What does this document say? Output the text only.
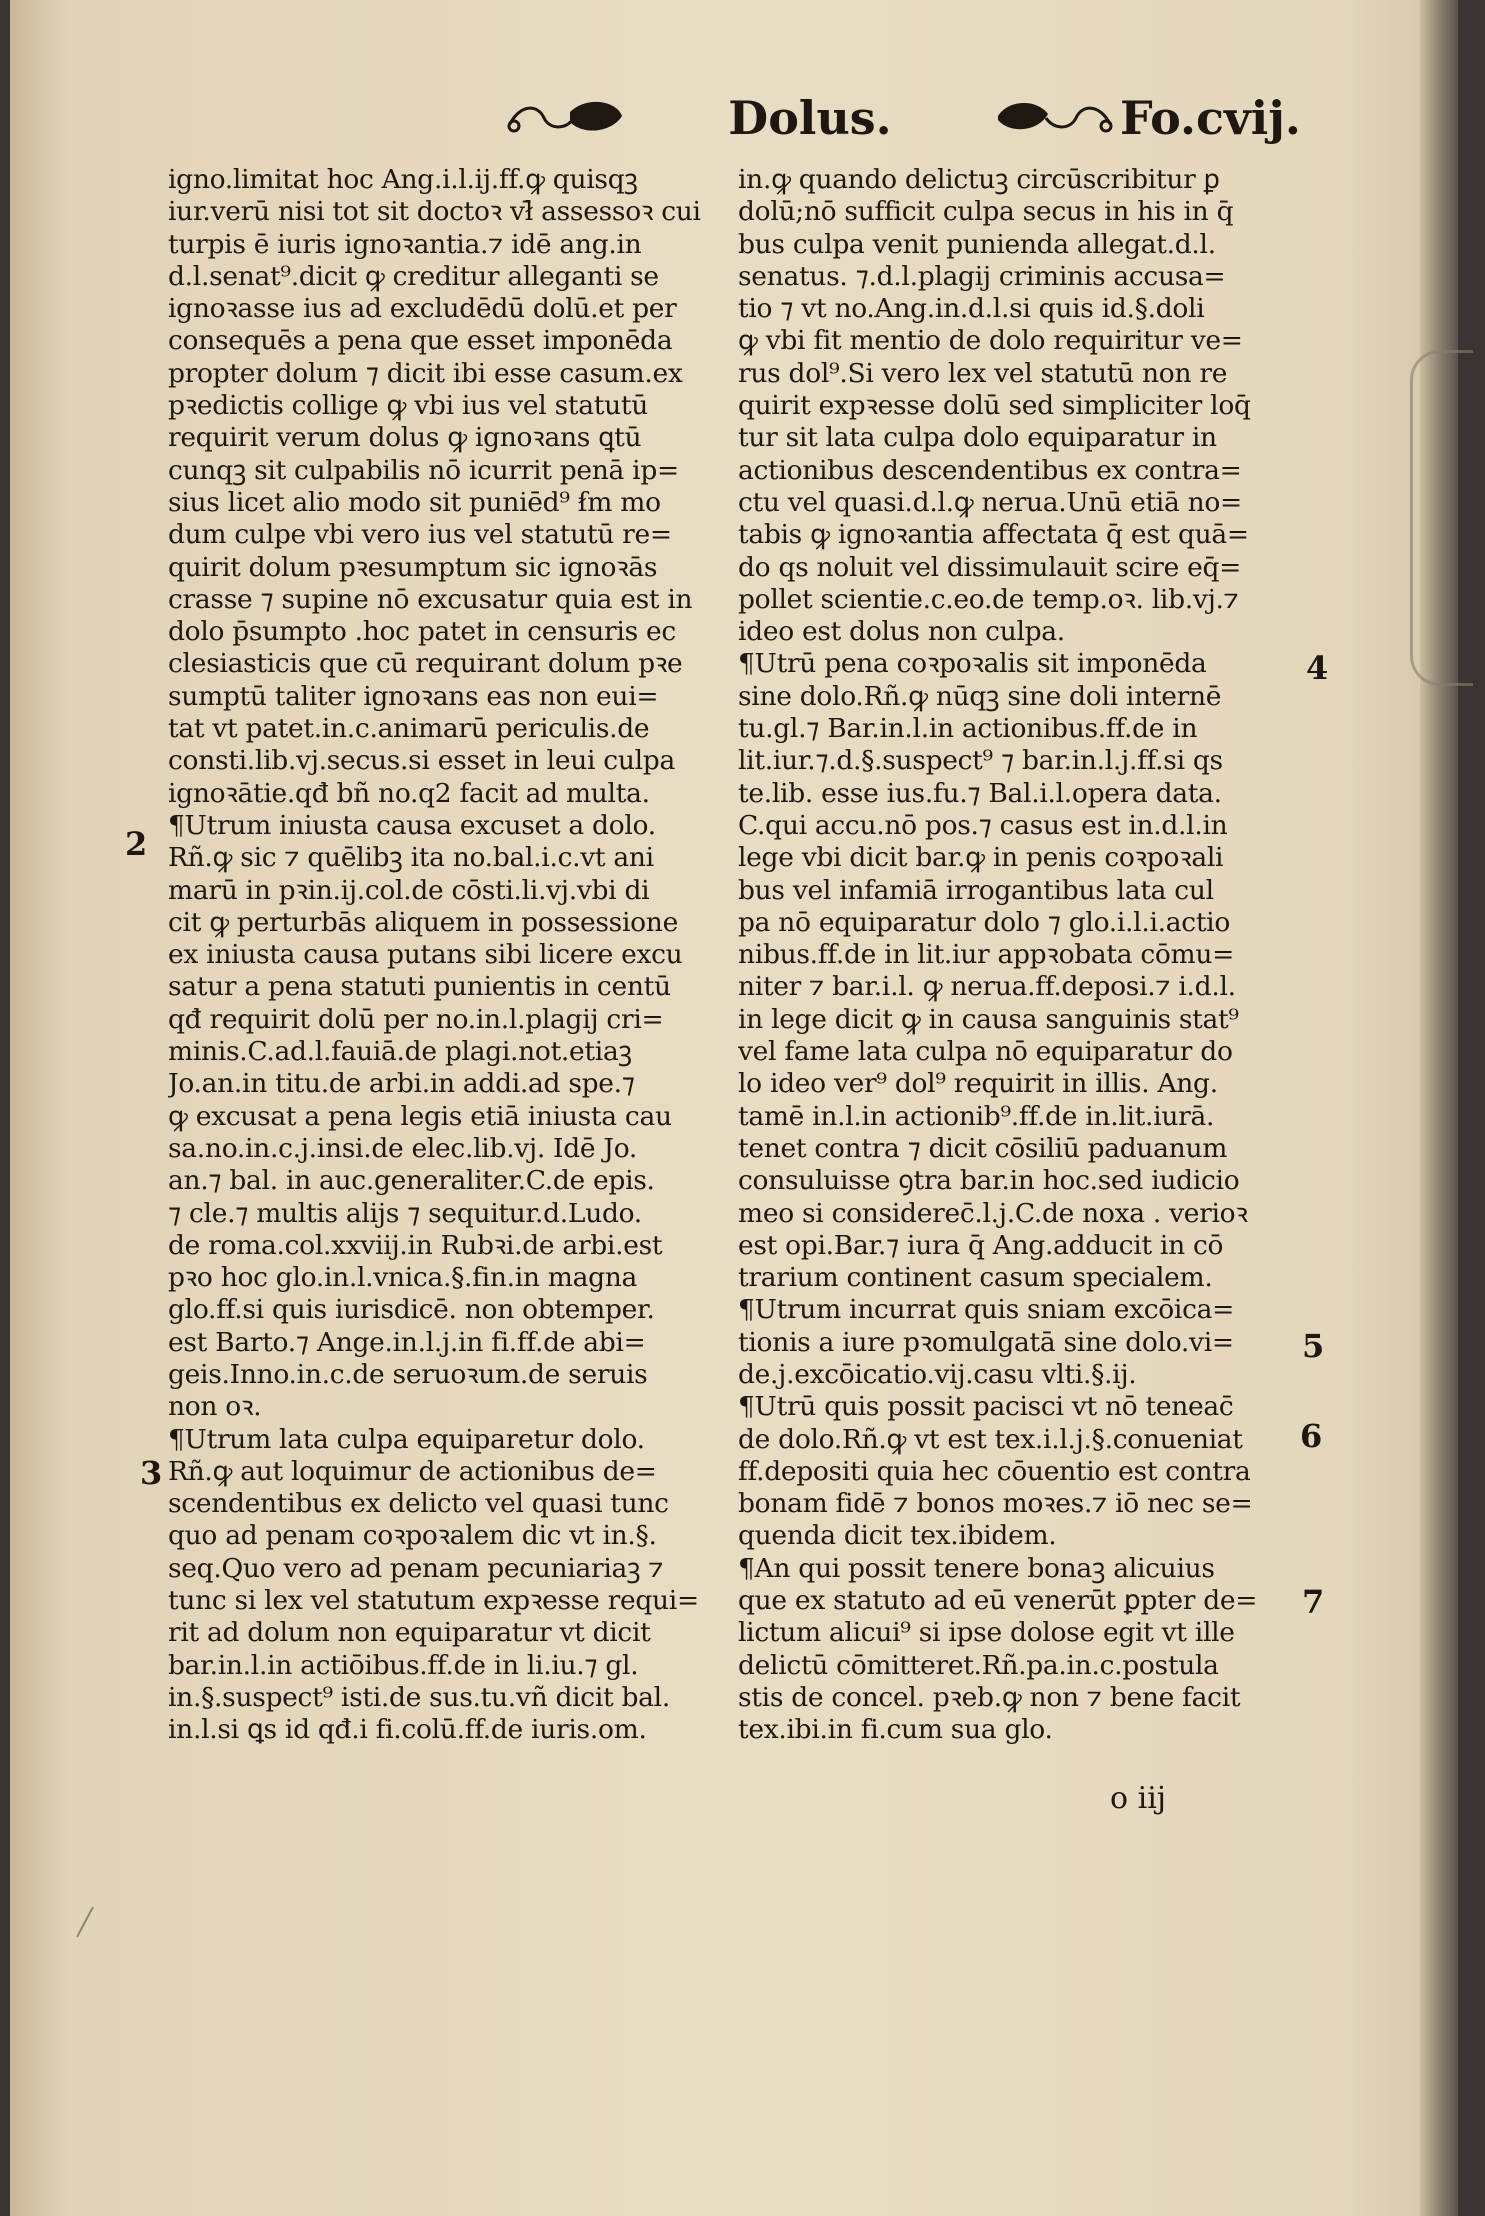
Dolus.	Fo.cvij.
igno.limitat hoc Ang.i.l.ij.ff.ꝙ quisqꝫ
iur.verū nisi tot sit doctoꝛ vł̄ assessoꝛ cui
turpis ē iuris ignoꝛantia.⁊ idē ang.in
d.l.senat⁹.dicit ꝙ creditur alleganti se
ignoꝛasse ius ad excludēdū dolū.et per
consequēs a pena que esset imponēda
propter dolum ⁊ dicit ibi esse casum.ex
pꝛedictis collige ꝙ vbi ius vel statutū
requirit verum dolus ꝙ ignoꝛans ꝗtū
cunqꝫ sit culpabilis nō icurrit penā ip=
sius licet alio modo sit puniēd⁹ ẜm mo
dum culpe vbi vero ius vel statutū re=
quirit dolum pꝛesumptum sic ignoꝛās
crasse ⁊ supine nō excusatur quia est in
dolo p̄sumpto .hoc patet in censuris ec
clesiasticis que cū requirant dolum pꝛe
sumptū taliter ignoꝛans eas non eui=
tat vt patet.in.c.animarū periculis.de
consti.lib.vj.secus.si esset in leui culpa
ignoꝛātie.qđ bñ no.q2 facit ad multa.
¶Utrum iniusta causa excuset a dolo.
Rñ.ꝙ sic ⁊ quēlibꝫ ita no.bal.i.c.vt ani
marū in pꝛin.ij.col.de cōsti.li.vj.vbi di
cit ꝙ perturbās aliquem in possessione
ex iniusta causa putans sibi licere excu
satur a pena statuti punientis in centū
qđ requirit dolū per no.in.l.plagij cri=
minis.C.ad.l.fauiā.de plagi.not.etiaꝫ
Jo.an.in titu.de arbi.in addi.ad spe.⁊
ꝙ excusat a pena legis etiā iniusta cau
sa.no.in.c.j.insi.de elec.lib.vj. Idē Jo.
an.⁊ bal. in auc.generaliter.C.de epis.
⁊ cle.⁊ multis alijs ⁊ sequitur.d.Ludo.
de roma.col.xxviij.in Rubꝛi.de arbi.est
pꝛo hoc glo.in.l.vnica.§.fin.in magna
glo.ff.si quis iurisdicē. non obtemper.
est Barto.⁊ Ange.in.l.j.in fi.ff.de abi=
geis.Inno.in.c.de seruoꝛum.de seruis
non oꝛ.
¶Utrum lata culpa equiparetur dolo.
Rñ.ꝙ aut loquimur de actionibus de=
scendentibus ex delicto vel quasi tunc
quo ad penam coꝛpoꝛalem dic vt in.§.
seq.Quo vero ad penam pecuniariaꝫ ⁊
tunc si lex vel statutum expꝛesse requi=
rit ad dolum non equiparatur vt dicit
bar.in.l.in actiōibus.ff.de in li.iu.⁊ gl.
in.§.suspect⁹ isti.de sus.tu.vñ dicit bal.
in.l.si ꝗs id qđ.i fi.colū.ff.de iuris.om.
in.ꝙ quando delictuꝫ circūscribitur ꝑ
dolū;nō sufficit culpa secus in his in q̄
bus culpa venit punienda allegat.d.l.
senatus. ⁊.d.l.plagij criminis accusa=
tio ⁊ vt no.Ang.in.d.l.si quis id.§.doli
ꝙ vbi fit mentio de dolo requiritur ve=
rus dol⁹.Si vero lex vel statutū non re
quirit expꝛesse dolū sed simpliciter loq̄
tur sit lata culpa dolo equiparatur in
actionibus descendentibus ex contra=
ctu vel quasi.d.l.ꝙ nerua.Unū etiā no=
tabis ꝙ ignoꝛantia affectata q̄ est quā=
do qs noluit vel dissimulauit scire eq̄=
pollet scientie.c.eo.de temp.oꝛ. lib.vj.⁊
ideo est dolus non culpa.
¶Utrū pena coꝛpoꝛalis sit imponēda
sine dolo.Rñ.ꝙ nūqꝫ sine doli internē
tu.gl.⁊ Bar.in.l.in actionibus.ff.de in
lit.iur.⁊.d.§.suspect⁹ ⁊ bar.in.l.j.ff.si qs
te.lib. esse ius.fu.⁊ Bal.i.l.opera data.
C.qui accu.nō pos.⁊ casus est in.d.l.in
lege vbi dicit bar.ꝙ in penis coꝛpoꝛali
bus vel infamiā irrogantibus lata cul
pa nō equiparatur dolo ⁊ glo.i.l.i.actio
nibus.ff.de in lit.iur appꝛobata cōmu=
niter ⁊ bar.i.l. ꝙ nerua.ff.deposi.⁊ i.d.l.
in lege dicit ꝙ in causa sanguinis stat⁹
vel fame lata culpa nō equiparatur do
lo ideo ver⁹ dol⁹ requirit in illis. Ang.
tamē in.l.in actionib⁹.ff.de in.lit.iurā.
tenet contra ⁊ dicit cōsiliū paduanum
consuluisse ꝯtra bar.in hoc.sed iudicio
meo si considerec̄.l.j.C.de noxa . verioꝛ
est opi.Bar.⁊ iura q̄ Ang.adducit in cō
trarium continent casum specialem.
¶Utrum incurrat quis sniam excōica=
tionis a iure pꝛomulgatā sine dolo.vi=
de.j.excōicatio.vij.casu vlti.§.ij.
¶Utrū quis possit pacisci vt nō teneac̄
de dolo.Rñ.ꝙ vt est tex.i.l.j.§.conueniat
ff.depositi quia hec cōuentio est contra
bonam fidē ⁊ bonos moꝛes.⁊ iō nec se=
quenda dicit tex.ibidem.
¶An qui possit tenere bonaꝫ alicuius
que ex statuto ad eū venerūt ꝑpter de=
lictum alicui⁹ si ipse dolose egit vt ille
delictū cōmitteret.Rñ.pa.in.c.postula
stis de concel. pꝛeb.ꝙ non ⁊ bene facit
tex.ibi.in fi.cum sua glo.
2
3
4
5
6
7
o iij
